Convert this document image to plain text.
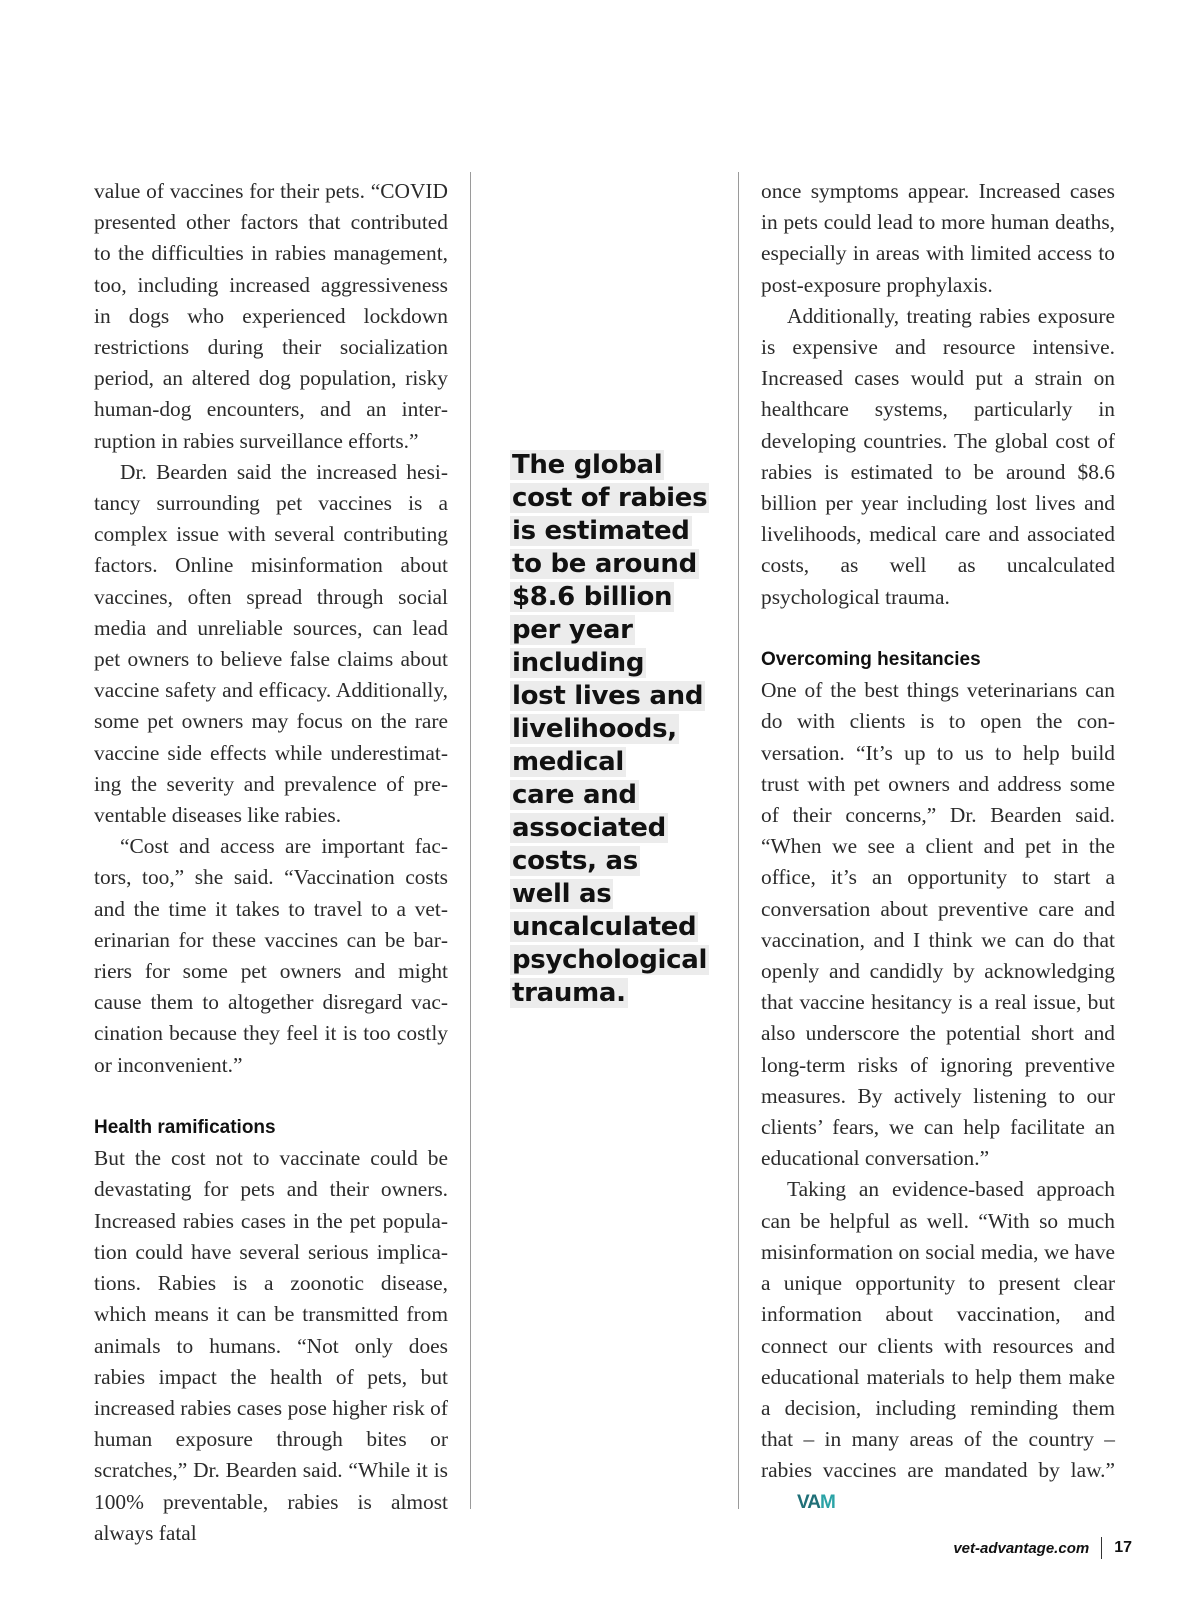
value of vaccines for their pets. “COVID presented other factors that contributed to the difficulties in rabies management, too, including increased aggressiveness in dogs who experienced lockdown restrictions during their socialization period, an altered dog population, risky human-dog encounters, and an interruption in rabies surveillance efforts.”

Dr. Bearden said the increased hesitancy surrounding pet vaccines is a complex issue with several contributing factors. Online misinformation about vaccines, often spread through social media and unreliable sources, can lead pet owners to believe false claims about vaccine safety and efficacy. Additionally, some pet owners may focus on the rare vaccine side effects while underestimating the severity and prevalence of preventable diseases like rabies.

“Cost and access are important factors, too,” she said. “Vaccination costs and the time it takes to travel to a veterinarian for these vaccines can be barriers for some pet owners and might cause them to altogether disregard vaccination because they feel it is too costly or inconvenient.”

Health ramifications

But the cost not to vaccinate could be devastating for pets and their owners. Increased rabies cases in the pet population could have several serious implications. Rabies is a zoonotic disease, which means it can be transmitted from animals to humans. “Not only does rabies impact the health of pets, but increased rabies cases pose higher risk of human exposure through bites or scratches,” Dr. Bearden said. “While it is 100% preventable, rabies is almost always fatal

The global
cost of rabies
is estimated
to be around
$8.6 billion
per year
including
lost lives and
livelihoods,
medical
care and
associated
costs, as
well as
uncalculated
psychological
trauma.

once symptoms appear. Increased cases in pets could lead to more human deaths, especially in areas with limited access to post-exposure prophylaxis.

Additionally, treating rabies exposure is expensive and resource intensive. Increased cases would put a strain on healthcare systems, particularly in developing countries. The global cost of rabies is estimated to be around $8.6 billion per year including lost lives and livelihoods, medical care and associated costs, as well as uncalculated psychological trauma.

Overcoming hesitancies

One of the best things veterinarians can do with clients is to open the conversation. “It’s up to us to help build trust with pet owners and address some of their concerns,” Dr. Bearden said. “When we see a client and pet in the office, it’s an opportunity to start a conversation about preventive care and vaccination, and I think we can do that openly and candidly by acknowledging that vaccine hesitancy is a real issue, but also underscore the potential short and long-term risks of ignoring preventive measures. By actively listening to our clients’ fears, we can help facilitate an educational conversation.”

Taking an evidence-based approach can be helpful as well. “With so much misinformation on social media, we have a unique opportunity to present clear information about vaccination, and connect our clients with resources and educational materials to help them make a decision, including reminding them that – in many areas of the country – rabies vaccines are mandated by law.”VAM

vet-advantage.com 17
